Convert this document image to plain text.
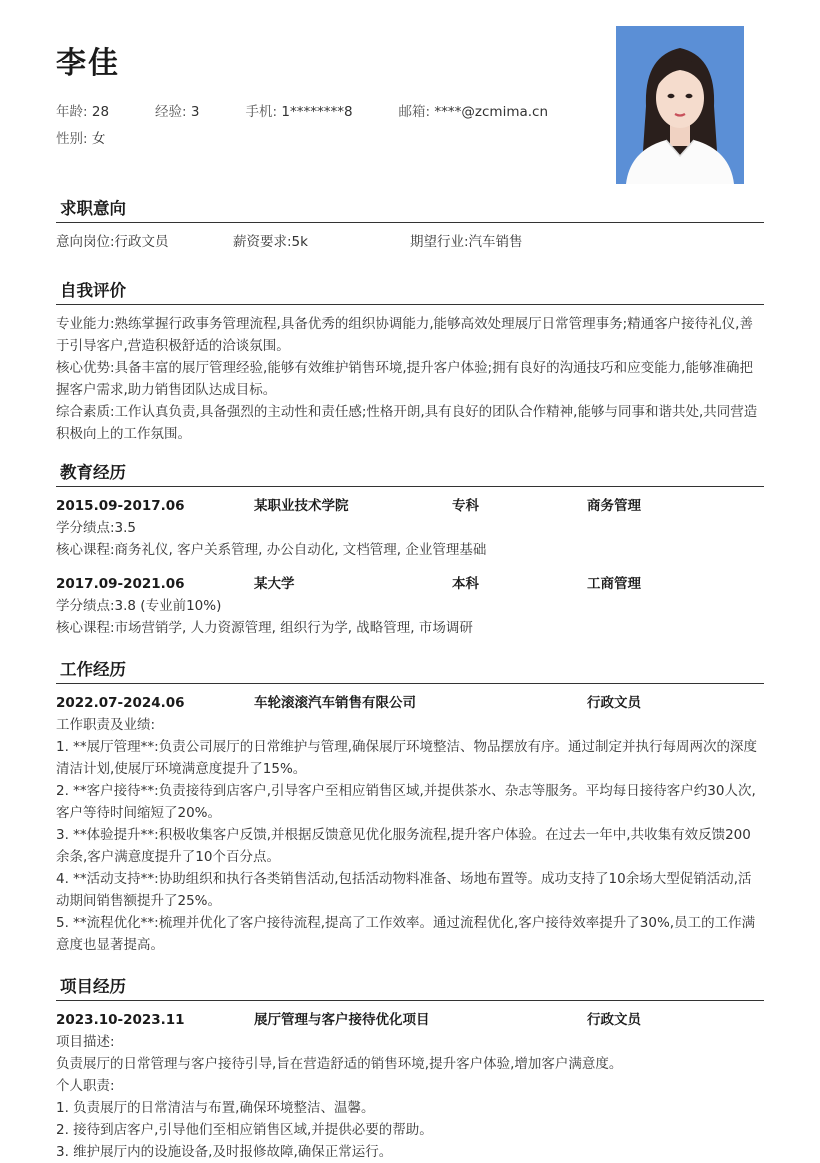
李佳
年龄: 28	经验: 3	手机: 1********8	邮箱: ****@zcmima.cn
性别: 女
求职意向
意向岗位:行政文员	薪资要求:5k	期望行业:汽车销售
自我评价
专业能力:熟练掌握行政事务管理流程,具备优秀的组织协调能力,能够高效处理展厅日常管理事务;精通客户接待礼仪,善于引导客户,营造积极舒适的洽谈氛围。
核心优势:具备丰富的展厅管理经验,能够有效维护销售环境,提升客户体验;拥有良好的沟通技巧和应变能力,能够准确把握客户需求,助力销售团队达成目标。
综合素质:工作认真负责,具备强烈的主动性和责任感;性格开朗,具有良好的团队合作精神,能够与同事和谐共处,共同营造积极向上的工作氛围。
教育经历
2015.09-2017.06	某职业技术学院	专科	商务管理
学分绩点:3.5
核心课程:商务礼仪, 客户关系管理, 办公自动化, 文档管理, 企业管理基础
2017.09-2021.06	某大学	本科	工商管理
学分绩点:3.8 (专业前10%)
核心课程:市场营销学, 人力资源管理, 组织行为学, 战略管理, 市场调研
工作经历
2022.07-2024.06	车轮滚滚汽车销售有限公司	行政文员
工作职责及业绩:
1. **展厅管理**:负责公司展厅的日常维护与管理,确保展厅环境整洁、物品摆放有序。通过制定并执行每周两次的深度清洁计划,使展厅环境满意度提升了15%。
2. **客户接待**:负责接待到店客户,引导客户至相应销售区域,并提供茶水、杂志等服务。平均每日接待客户约30人次,客户等待时间缩短了20%。
3. **体验提升**:积极收集客户反馈,并根据反馈意见优化服务流程,提升客户体验。在过去一年中,共收集有效反馈200余条,客户满意度提升了10个百分点。
4. **活动支持**:协助组织和执行各类销售活动,包括活动物料准备、场地布置等。成功支持了10余场大型促销活动,活动期间销售额提升了25%。
5. **流程优化**:梳理并优化了客户接待流程,提高了工作效率。通过流程优化,客户接待效率提升了30%,员工的工作满意度也显著提高。
项目经历
2023.10-2023.11	展厅管理与客户接待优化项目	行政文员
项目描述:
负责展厅的日常管理与客户接待引导,旨在营造舒适的销售环境,提升客户体验,增加客户满意度。
个人职责:
1. 负责展厅的日常清洁与布置,确保环境整洁、温馨。
2. 接待到店客户,引导他们至相应销售区域,并提供必要的帮助。
3. 维护展厅内的设施设备,及时报修故障,确保正常运行。
